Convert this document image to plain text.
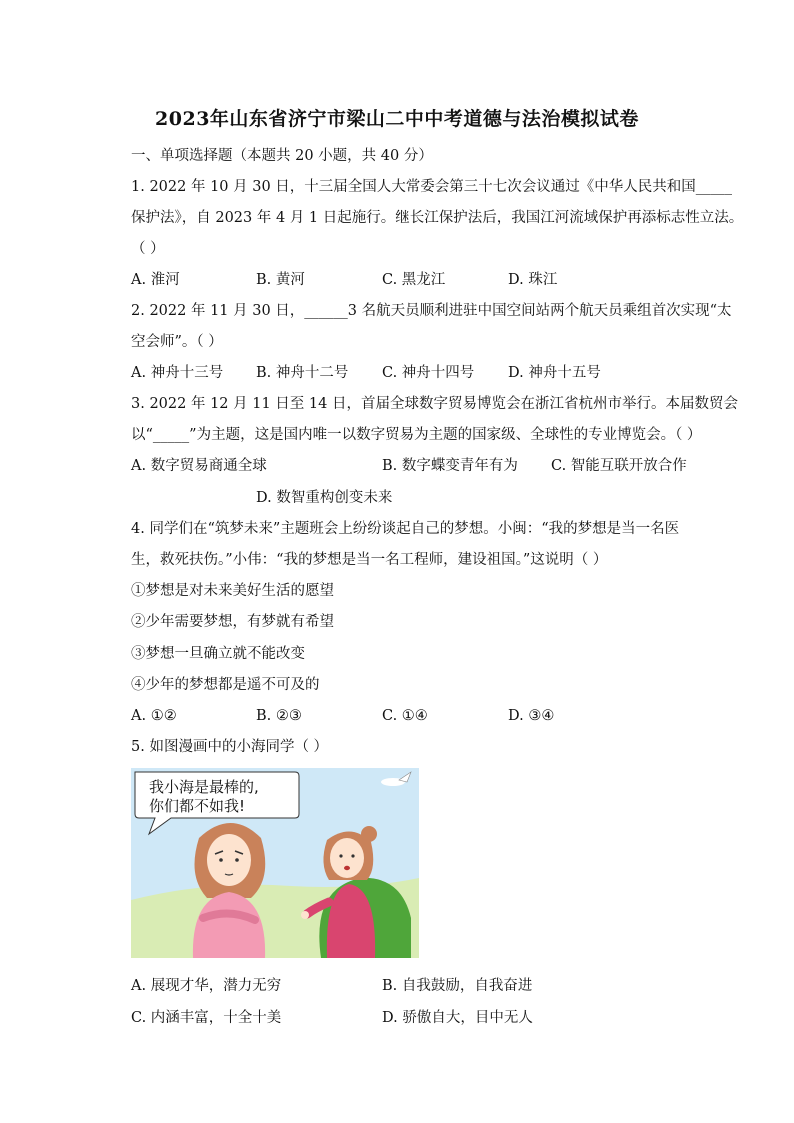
2023年山东省济宁市梁山二中中考道德与法治模拟试卷
一、单项选择题（本题共 20 小题，共 40 分）
1. 2022 年 10 月 30 日，十三届全国人大常委会第三十七次会议通过《中华人民共和国_____
保护法》，自 2023 年 4 月 1 日起施行。继长江保护法后，我国江河流域保护再添标志性立法。
（ ）
A. 淮河	B. 黄河	C. 黑龙江	D. 珠江
2. 2022 年 11 月 30 日，______3 名航天员顺利进驻中国空间站两个航天员乘组首次实现“太
空会师”。（ ）
A. 神舟十三号 B. 神舟十二号 C. 神舟十四号 D. 神舟十五号
3. 2022 年 12 月 11 日至 14 日，首届全球数字贸易博览会在浙江省杭州市举行。本届数贸会
以“_____”为主题，这是国内唯一以数字贸易为主题的国家级、全球性的专业博览会。（ ）
A. 数字贸易商通全球	B. 数字蝶变青年有为 C. 智能互联开放合作
D. 数智重构创变未来
4. 同学们在“筑梦未来”主题班会上纷纷谈起自己的梦想。小闽：“我的梦想是当一名医
生，救死扶伤。”小伟：“我的梦想是当一名工程师，建设祖国。”这说明（ ）
①梦想是对未来美好生活的愿望
②少年需要梦想，有梦就有希望
③梦想一旦确立就不能改变
④少年的梦想都是遥不可及的
A. ①②	B. ②③	C. ①④	D. ③④
5. 如图漫画中的小海同学（ ）
我小海是最棒的,
你们都不如我!
A. 展现才华，潜力无穷	B. 自我鼓励，自我奋进
C. 内涵丰富，十全十美	D. 骄傲自大，目中无人
